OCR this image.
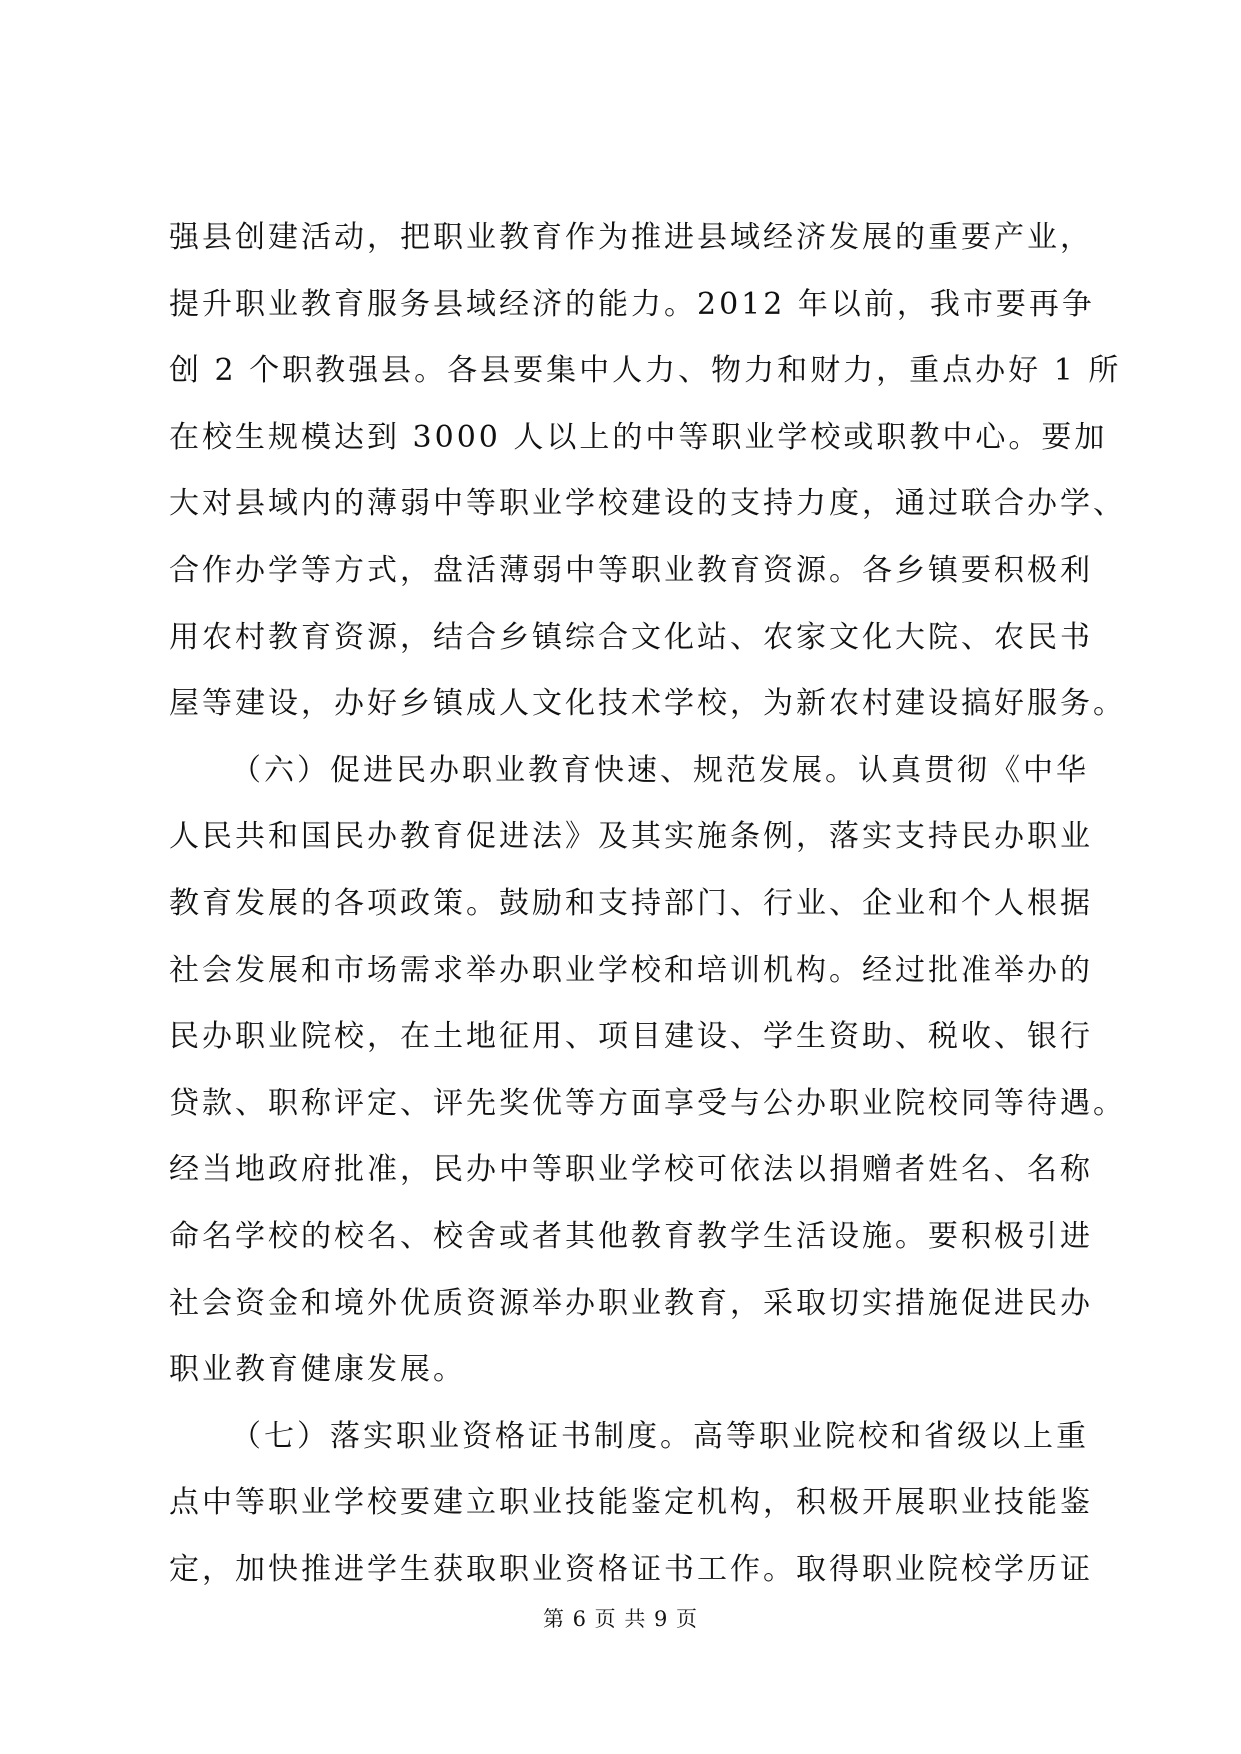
强县创建活动，把职业教育作为推进县域经济发展的重要产业，
提升职业教育服务县域经济的能力。2012 年以前，我市要再争
创 2 个职教强县。各县要集中人力、物力和财力，重点办好 1 所
在校生规模达到 3000 人以上的中等职业学校或职教中心。要加
大对县域内的薄弱中等职业学校建设的支持力度，通过联合办学、
合作办学等方式，盘活薄弱中等职业教育资源。各乡镇要积极利
用农村教育资源，结合乡镇综合文化站、农家文化大院、农民书
屋等建设，办好乡镇成人文化技术学校，为新农村建设搞好服务。
（六）促进民办职业教育快速、规范发展。认真贯彻《中华
人民共和国民办教育促进法》及其实施条例，落实支持民办职业
教育发展的各项政策。鼓励和支持部门、行业、企业和个人根据
社会发展和市场需求举办职业学校和培训机构。经过批准举办的
民办职业院校，在土地征用、项目建设、学生资助、税收、银行
贷款、职称评定、评先奖优等方面享受与公办职业院校同等待遇。
经当地政府批准，民办中等职业学校可依法以捐赠者姓名、名称
命名学校的校名、校舍或者其他教育教学生活设施。要积极引进
社会资金和境外优质资源举办职业教育，采取切实措施促进民办
职业教育健康发展。
（七）落实职业资格证书制度。高等职业院校和省级以上重
点中等职业学校要建立职业技能鉴定机构，积极开展职业技能鉴
定，加快推进学生获取职业资格证书工作。取得职业院校学历证
第 6 页 共 9 页
